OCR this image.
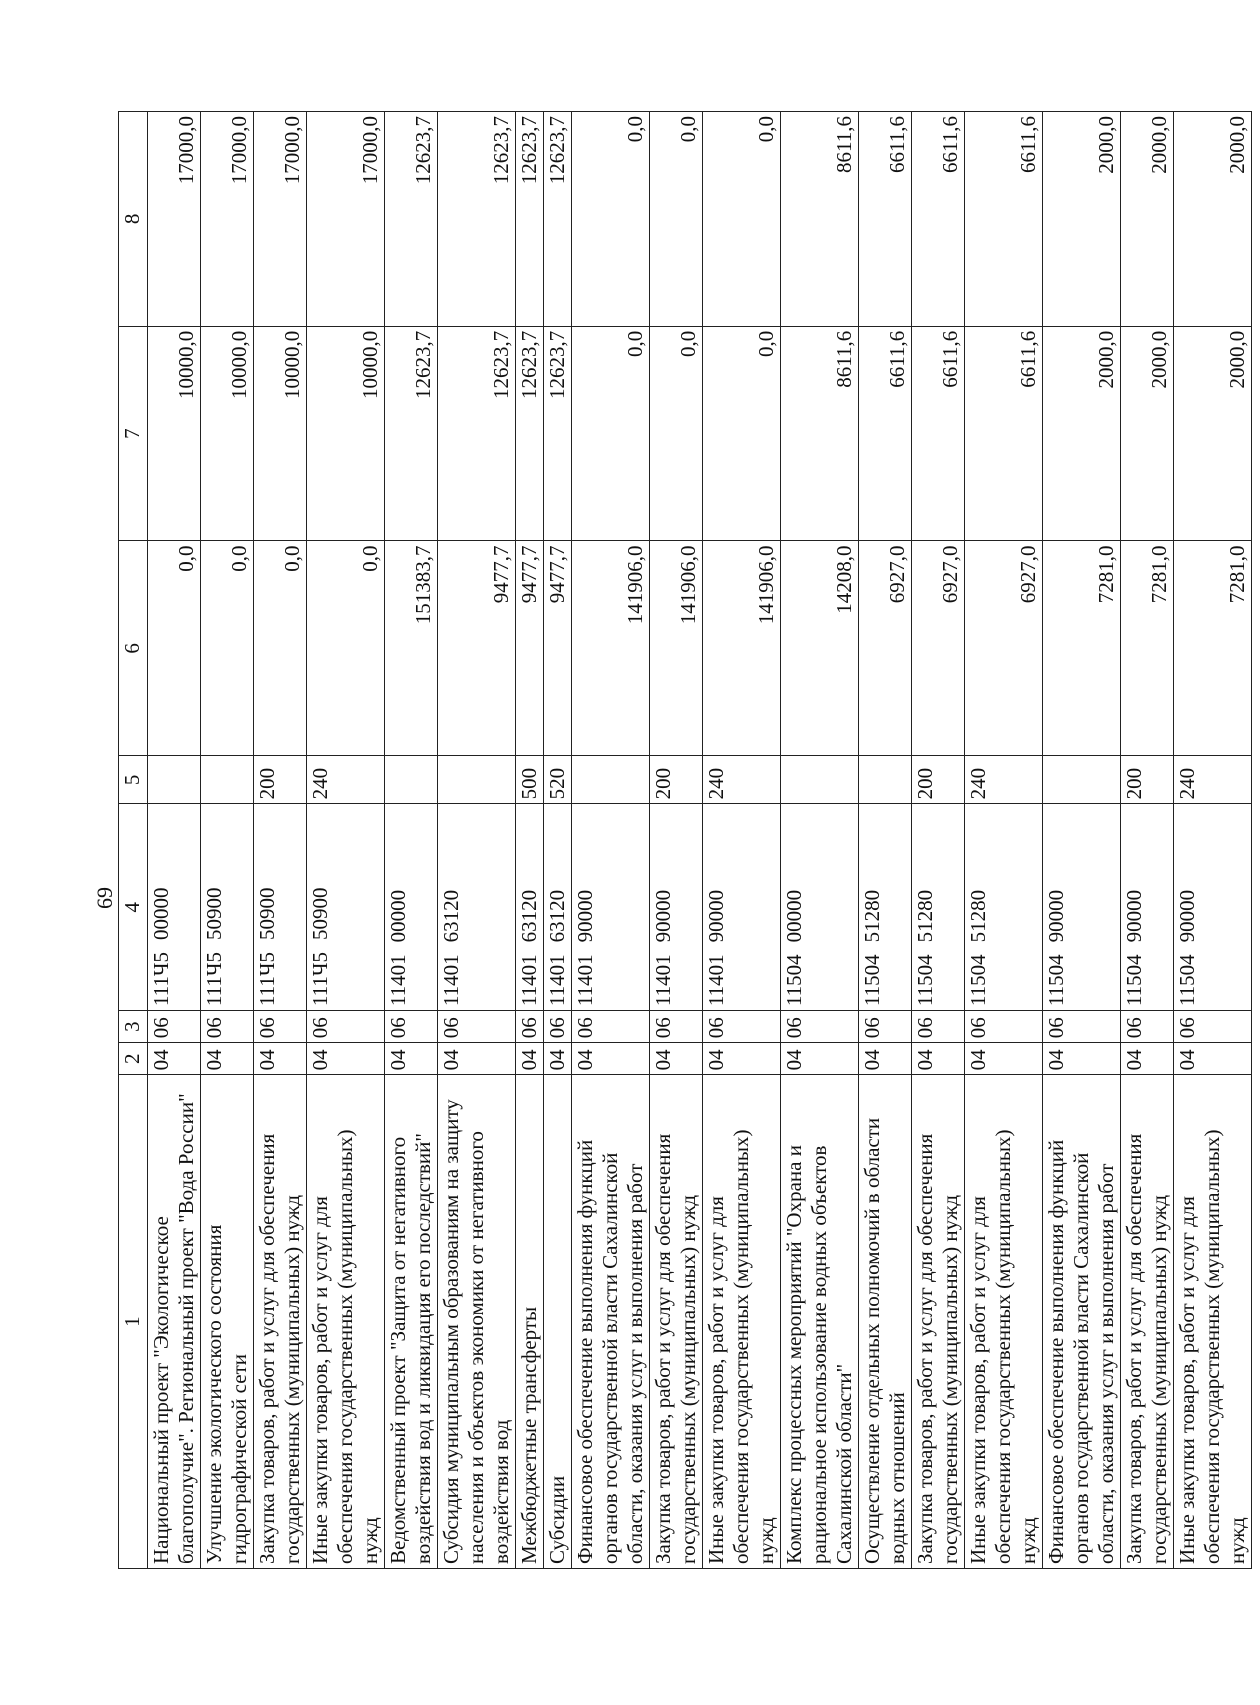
69
1	2	3	4	5	6	7	8
Национальный проект "Экологическое благополучие". Региональный проект "Вода России"	04	06	111Ч500000		0,0	10000,0	17000,0
Улучшение экологического состояния гидрографической сети	04	06	111Ч550900		0,0	10000,0	17000,0
Закупка товаров, работ и услуг для обеспечения государственных (муниципальных) нужд	04	06	111Ч550900	200	0,0	10000,0	17000,0
Иные закупки товаров, работ и услуг для обеспечения государственных (муниципальных) нужд	04	06	111Ч550900	240	0,0	10000,0	17000,0
Ведомственный проект "Защита от негативного воздействия вод и ликвидация его последствий"	04	06	1140100000		151383,7	12623,7	12623,7
Субсидия муниципальным образованиям на защиту населения и объектов экономики от негативного воздействия вод	04	06	1140163120		9477,7	12623,7	12623,7
Межбюджетные трансферты	04	06	1140163120	500	9477,7	12623,7	12623,7
Субсидии	04	06	1140163120	520	9477,7	12623,7	12623,7
Финансовое обеспечение выполнения функций органов государственной власти Сахалинской области, оказания услуг и выполнения работ	04	06	1140190000		141906,0	0,0	0,0
Закупка товаров, работ и услуг для обеспечения государственных (муниципальных) нужд	04	06	1140190000	200	141906,0	0,0	0,0
Иные закупки товаров, работ и услуг для обеспечения государственных (муниципальных) нужд	04	06	1140190000	240	141906,0	0,0	0,0
Комплекс процессных мероприятий "Охрана и рациональное использование водных объектов Сахалинской области"	04	06	1150400000		14208,0	8611,6	8611,6
Осуществление отдельных полномочий в области водных отношений	04	06	1150451280		6927,0	6611,6	6611,6
Закупка товаров, работ и услуг для обеспечения государственных (муниципальных) нужд	04	06	1150451280	200	6927,0	6611,6	6611,6
Иные закупки товаров, работ и услуг для обеспечения государственных (муниципальных) нужд	04	06	1150451280	240	6927,0	6611,6	6611,6
Финансовое обеспечение выполнения функций органов государственной власти Сахалинской области, оказания услуг и выполнения работ	04	06	1150490000		7281,0	2000,0	2000,0
Закупка товаров, работ и услуг для обеспечения государственных (муниципальных) нужд	04	06	1150490000	200	7281,0	2000,0	2000,0
Иные закупки товаров, работ и услуг для обеспечения государственных (муниципальных) нужд	04	06	1150490000	240	7281,0	2000,0	2000,0
